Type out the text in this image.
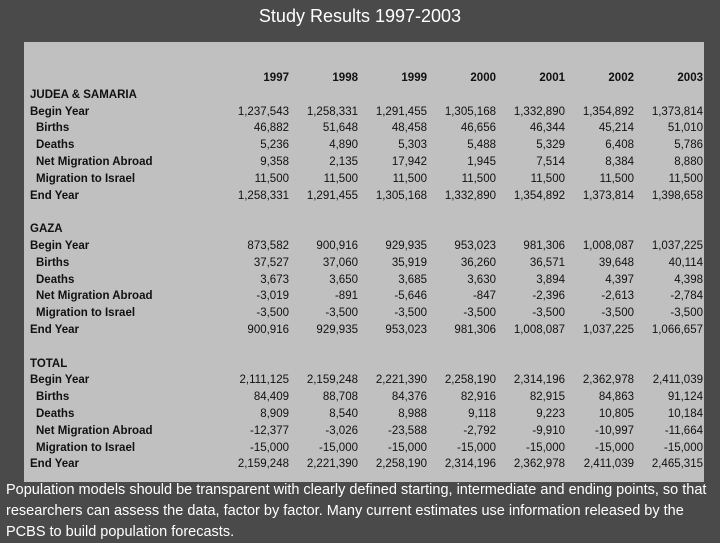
Study Results 1997-2003
	1997	1998	1999	2000	2001	2002	2003
JUDEA & SAMARIA							
Begin Year	1,237,543	1,258,331	1,291,455	1,305,168	1,332,890	1,354,892	1,373,814
Births	46,882	51,648	48,458	46,656	46,344	45,214	51,010
Deaths	5,236	4,890	5,303	5,488	5,329	6,408	5,786
Net Migration Abroad	9,358	2,135	17,942	1,945	7,514	8,384	8,880
Migration to Israel	11,500	11,500	11,500	11,500	11,500	11,500	11,500
End Year	1,258,331	1,291,455	1,305,168	1,332,890	1,354,892	1,373,814	1,398,658

GAZA							
Begin Year	873,582	900,916	929,935	953,023	981,306	1,008,087	1,037,225
Births	37,527	37,060	35,919	36,260	36,571	39,648	40,114
Deaths	3,673	3,650	3,685	3,630	3,894	4,397	4,398
Net Migration Abroad	-3,019	-891	-5,646	-847	-2,396	-2,613	-2,784
Migration to Israel	-3,500	-3,500	-3,500	-3,500	-3,500	-3,500	-3,500
End Year	900,916	929,935	953,023	981,306	1,008,087	1,037,225	1,066,657

TOTAL							
Begin Year	2,111,125	2,159,248	2,221,390	2,258,190	2,314,196	2,362,978	2,411,039
Births	84,409	88,708	84,376	82,916	82,915	84,863	91,124
Deaths	8,909	8,540	8,988	9,118	9,223	10,805	10,184
Net Migration Abroad	-12,377	-3,026	-23,588	-2,792	-9,910	-10,997	-11,664
Migration to Israel	-15,000	-15,000	-15,000	-15,000	-15,000	-15,000	-15,000
End Year	2,159,248	2,221,390	2,258,190	2,314,196	2,362,978	2,411,039	2,465,315
Population models should be transparent with clearly defined starting, intermediate and ending points, so that researchers can assess the data, factor by factor. Many current estimates use information released by the PCBS to build population forecasts.
